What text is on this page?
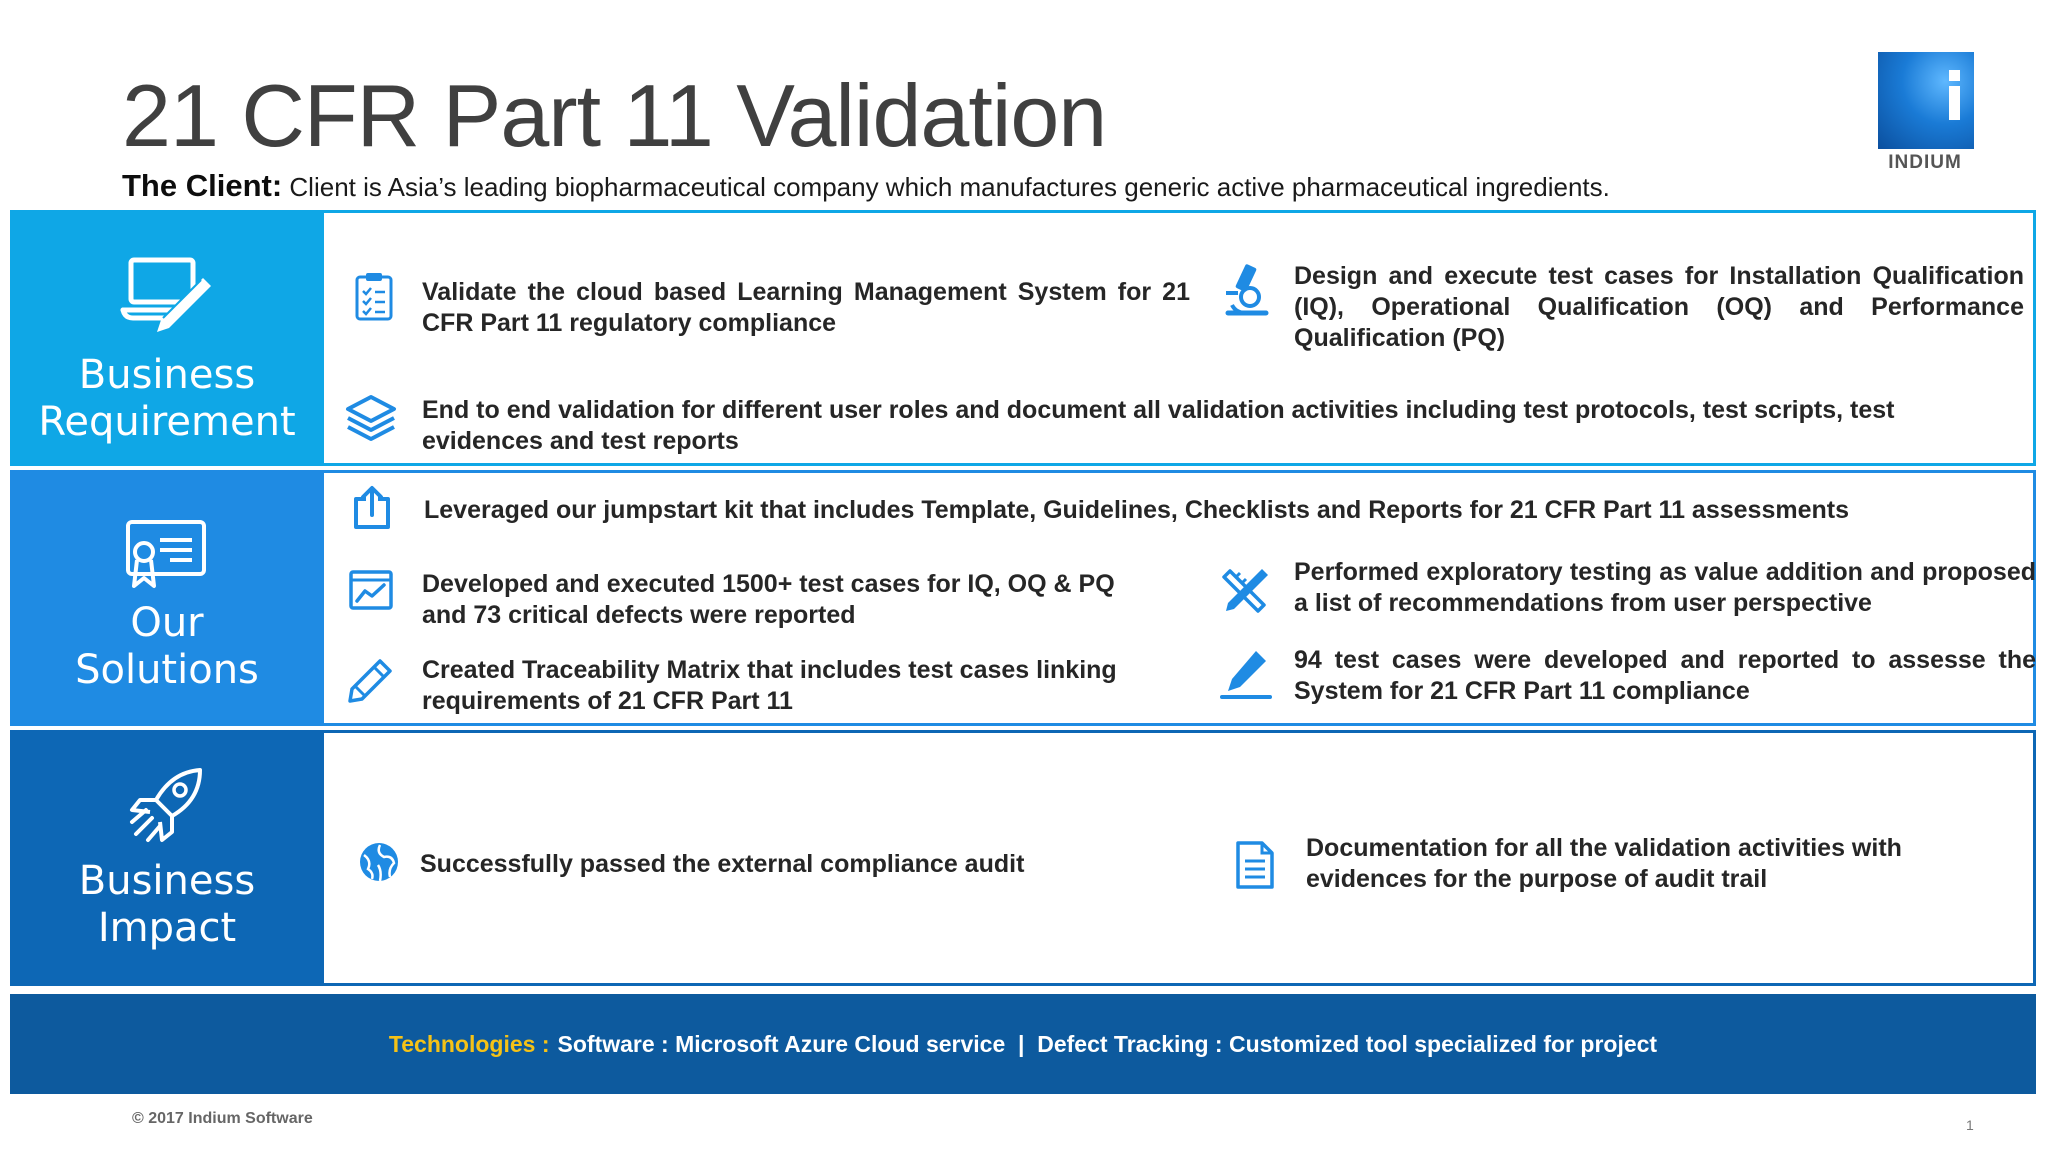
21 CFR Part 11 Validation
The Client: Client is Asia’s leading biopharmaceutical company which manufactures generic active pharmaceutical ingredients.
INDIUM
Business
Requirement
Validate the cloud based Learning Management System for 21 CFR Part 11 regulatory compliance
Design and execute test cases for Installation Qualification (IQ), Operational Qualification (OQ) and Performance Qualification (PQ)
End to end validation for different user roles and document all validation activities including test protocols, test scripts, test evidences and test reports
Our
Solutions
Leveraged our jumpstart kit that includes Template, Guidelines, Checklists and Reports for 21 CFR Part 11 assessments
Developed and executed 1500+ test cases for IQ, OQ & PQ and 73 critical defects were reported
Performed exploratory testing as value addition and proposed a list of recommendations from user perspective
Created Traceability Matrix that includes test cases linking requirements of 21 CFR Part 11
94 test cases were developed and reported to assesse the System for 21 CFR Part 11 compliance
Business
Impact
Successfully passed the external compliance audit
Documentation for all the validation activities with evidences for the purpose of audit trail
Technologies : Software : Microsoft Azure Cloud service  |  Defect Tracking : Customized tool specialized for project
© 2017 Indium Software	1
